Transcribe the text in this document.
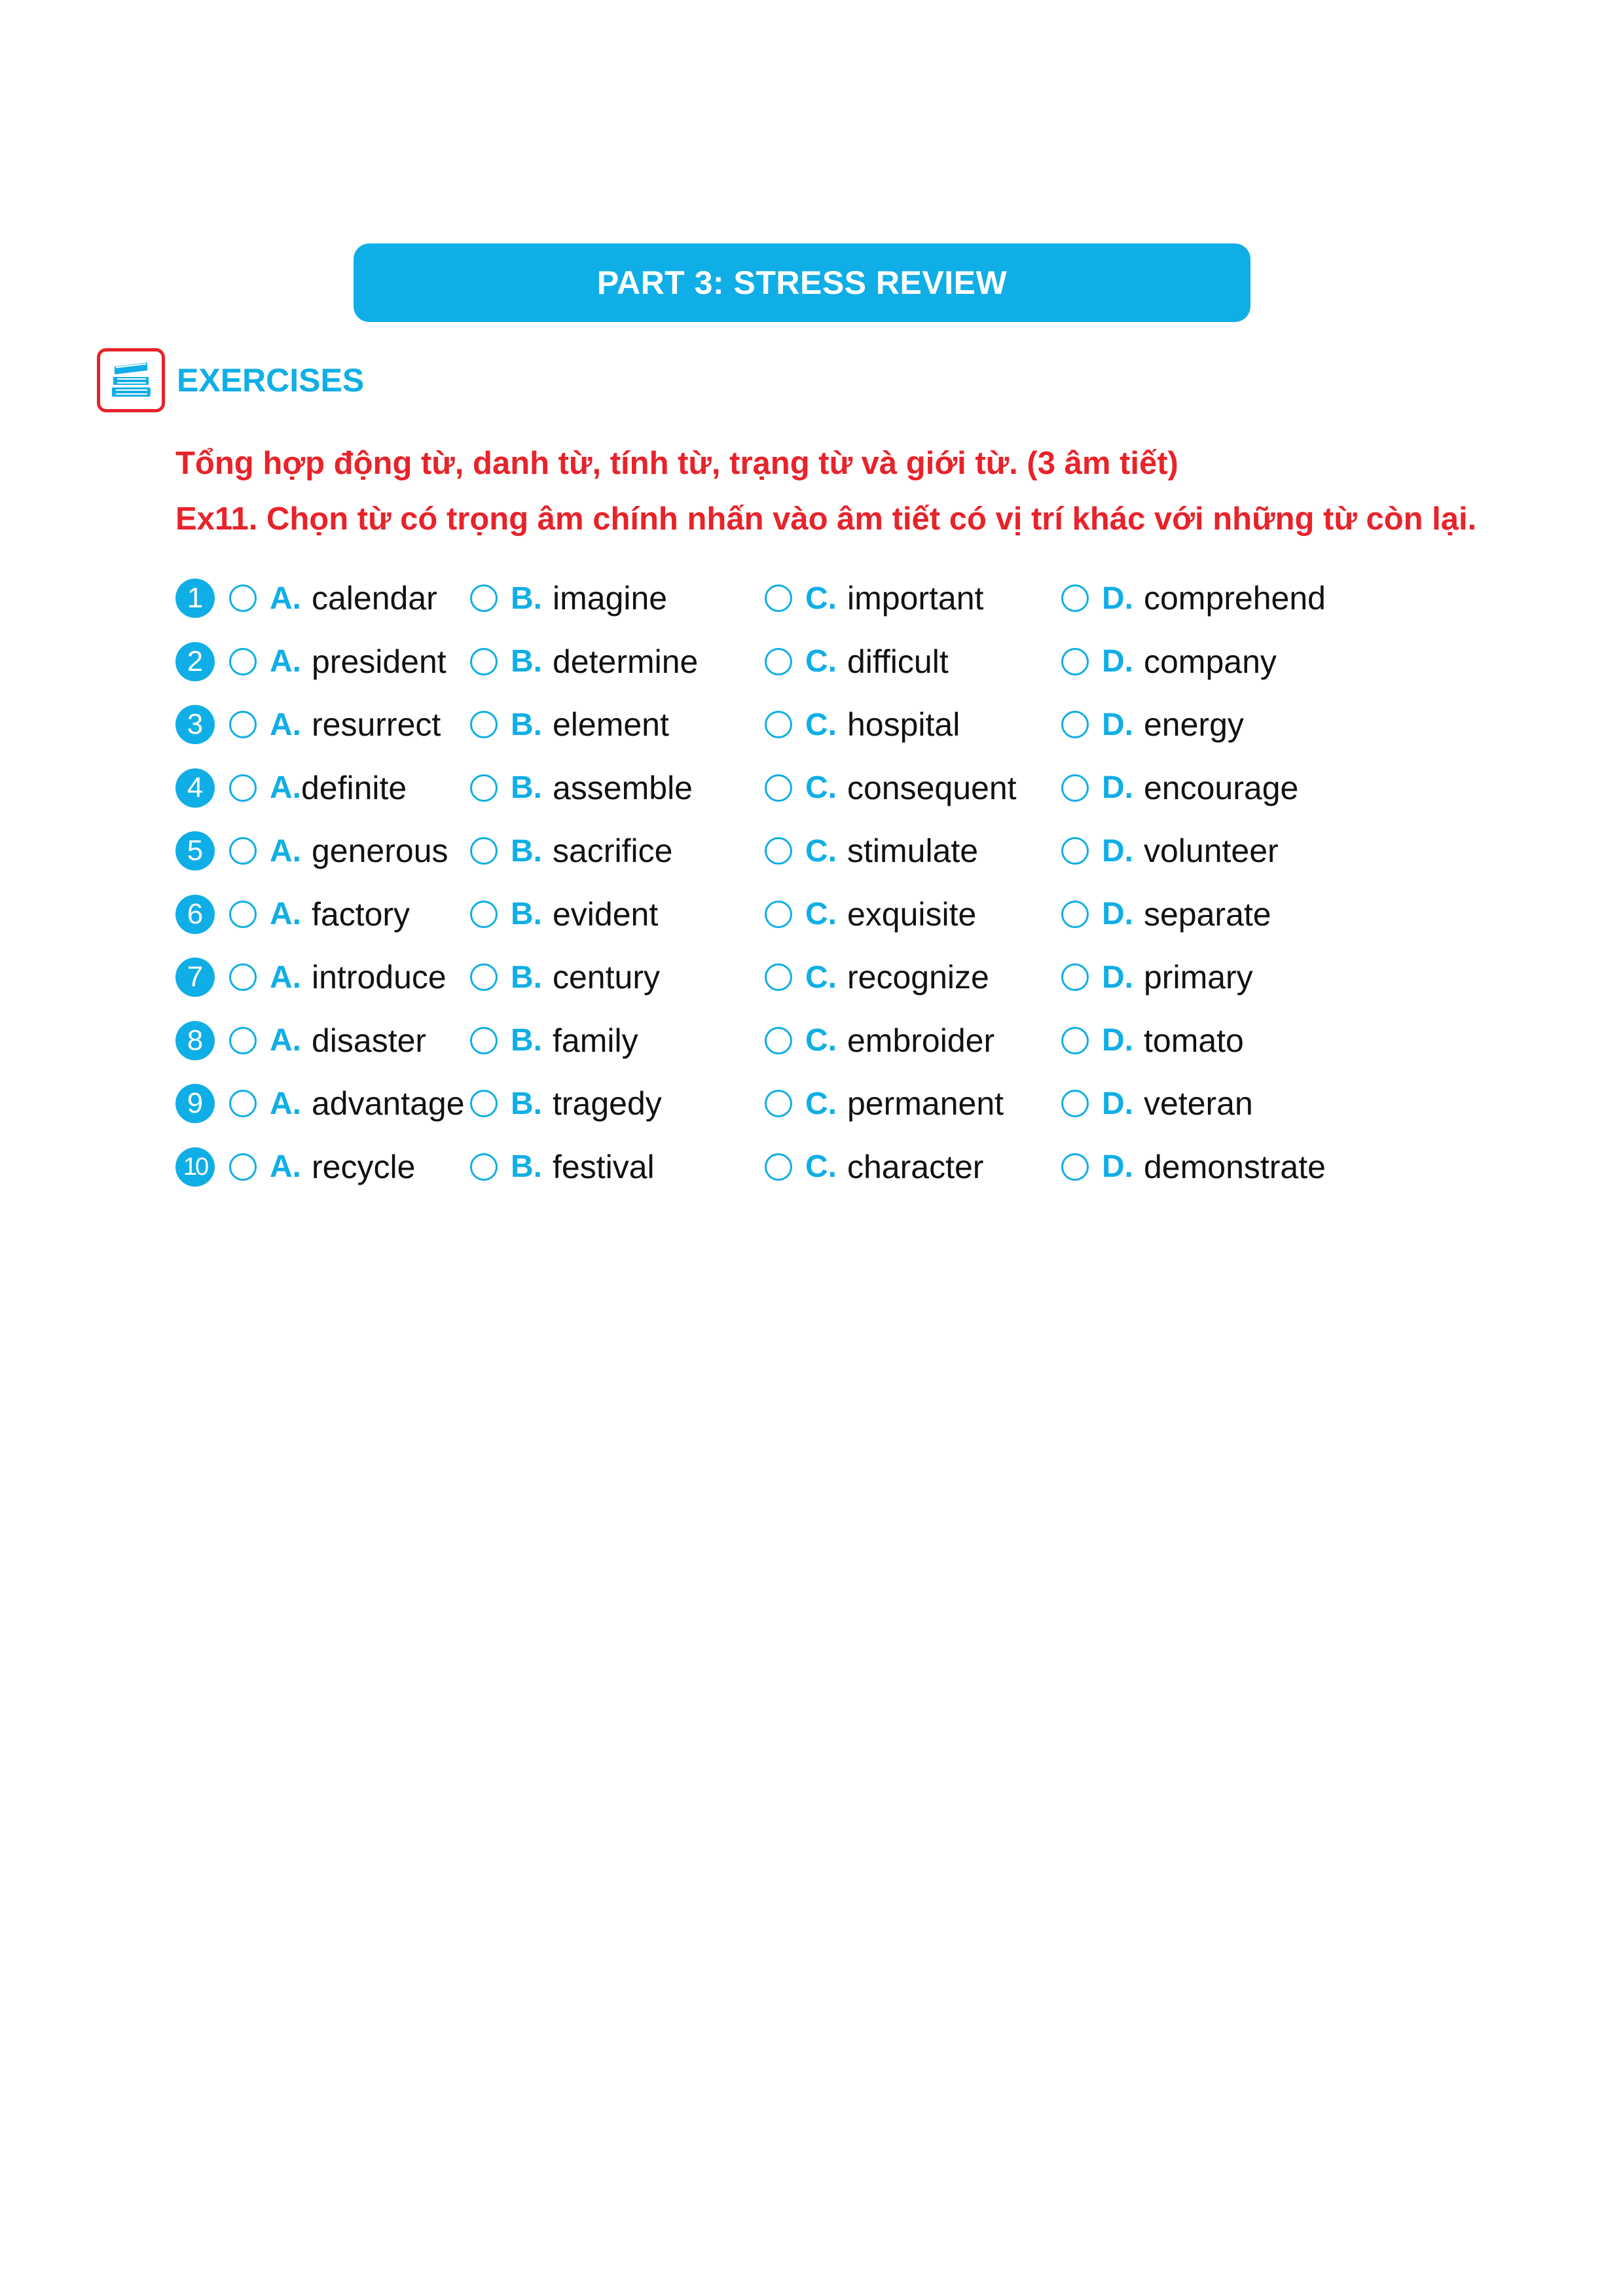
PART 3: STRESS REVIEW
EXERCISES
Tổng hợp động từ, danh từ, tính từ, trạng từ và giới từ. (3 âm tiết)
Ex11. Chọn từ có trọng âm chính nhấn vào âm tiết có vị trí khác với những từ còn lại.
1	A. calendar B. imagine	C. important	D. comprehend
2	A. president B. determine	C. difficult	D. company
3	A. resurrect B. element	C. hospital	D. energy
4	A. definite	B. assemble	C. consequent	D. encourage
5	A. generous B. sacrifice	C. stimulate	D. volunteer
6	A. factory	B. evident	C. exquisite	D. separate
7	A. introduce B. century	C. recognize	D. primary
8	A. disaster	B. family	C. embroider	D. tomato
9	A. advantage B. tragedy	C. permanent	D. veteran
10 A. recycle	B. festival	C. character	D. demonstrate
